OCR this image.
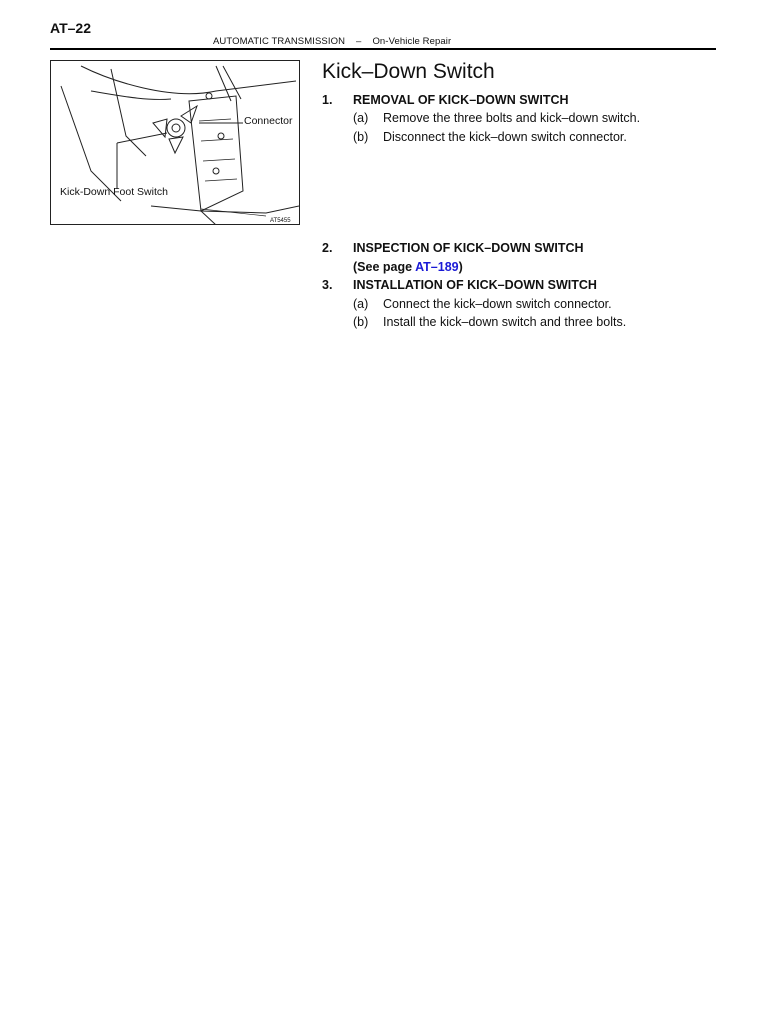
AT–22
AUTOMATIC TRANSMISSION – On-Vehicle Repair
Connector
Kick-Down Foot Switch
AT5455
Kick–Down Switch
1. REMOVAL OF KICK–DOWN SWITCH
(a) Remove the three bolts and kick–down switch.
(b) Disconnect the kick–down switch connector.
2. INSPECTION OF KICK–DOWN SWITCH
(See page AT–189)
3. INSTALLATION OF KICK–DOWN SWITCH
(a) Connect the kick–down switch connector.
(b) Install the kick–down switch and three bolts.
